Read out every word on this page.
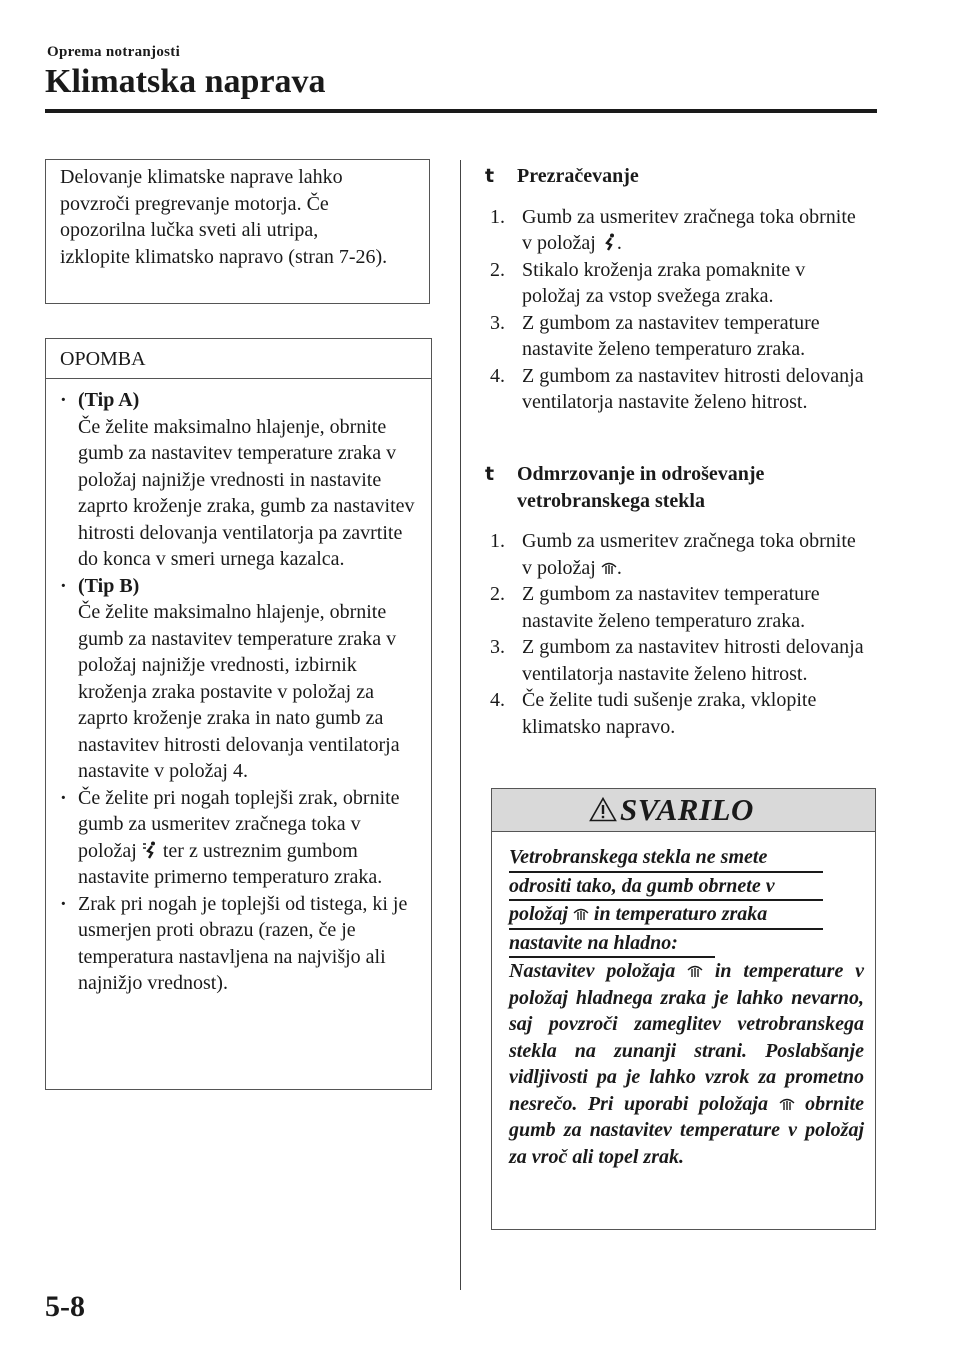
Oprema notranjosti
Klimatska naprava
Delovanje klimatske naprave lahko povzroči pregrevanje motorja. Če opozorilna lučka sveti ali utripa, izklopite klimatsko napravo (stran 7-26).
OPOMBA
· (Tip A)
Če želite maksimalno hlajenje, obrnite gumb za nastavitev temperature zraka v položaj najnižje vrednosti in nastavite zaprto kroženje zraka, gumb za nastavitev hitrosti delovanja ventilatorja pa zavrtite do konca v smeri urnega kazalca.
· (Tip B)
Če želite maksimalno hlajenje, obrnite gumb za nastavitev temperature zraka v položaj najnižje vrednosti, izbirnik kroženja zraka postavite v položaj za zaprto kroženje zraka in nato gumb za nastavitev hitrosti delovanja ventilatorja nastavite v položaj 4.
· Če želite pri nogah toplejši zrak, obrnite gumb za usmeritev zračnega toka v položaj ter z ustreznim gumbom nastavite primerno temperaturo zraka.
· Zrak pri nogah je toplejši od tistega, ki je usmerjen proti obrazu (razen, če je temperatura nastavljena na najvišjo ali najnižjo vrednost).
t Prezračevanje
1. Gumb za usmeritev zračnega toka obrnite v položaj .
2. Stikalo kroženja zraka pomaknite v položaj za vstop svežega zraka.
3. Z gumbom za nastavitev temperature nastavite želeno temperaturo zraka.
4. Z gumbom za nastavitev hitrosti delovanja ventilatorja nastavite želeno hitrost.
t Odmrzovanje in odroševanje vetrobranskega stekla
1. Gumb za usmeritev zračnega toka obrnite v položaj .
2. Z gumbom za nastavitev temperature nastavite želeno temperaturo zraka.
3. Z gumbom za nastavitev hitrosti delovanja ventilatorja nastavite želeno hitrost.
4. Če želite tudi sušenje zraka, vklopite klimatsko napravo.
SVARILO
Vetrobranskega stekla ne smete
odrositi tako, da gumb obrnete v
položaj in temperaturo zraka
nastavite na hladno:
Nastavitev položaja in temperature v položaj hladnega zraka je lahko nevarno, saj povzroči zameglitev vetrobranskega stekla na zunanji strani. Poslabšanje vidljivosti pa je lahko vzrok za prometno nesrečo. Pri uporabi položaja obrnite gumb za nastavitev temperature v položaj za vroč ali topel zrak.
5-8
